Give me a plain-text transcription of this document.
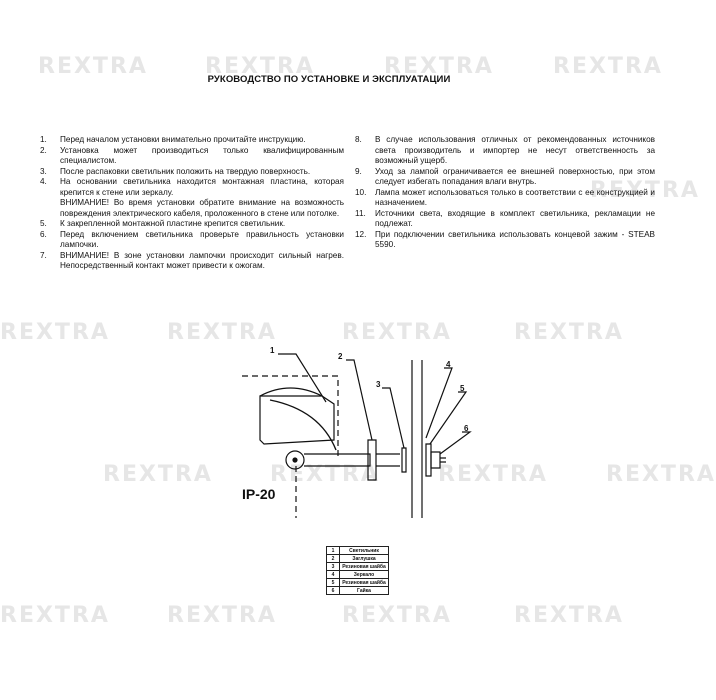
REXTRA	REXTRA	REXTRA	REXTRA
REXTRA
REXTRA	REXTRA	REXTRA	REXTRA
REXTRA	REXTRA	REXTRA	REXTRA
REXTRA	REXTRA	REXTRA	REXTRA
РУКОВОДСТВО ПО УСТАНОВКЕ И ЭКСПЛУАТАЦИИ
1.	Перед началом установки внимательно прочитайте инструкцию.
2.	Установка может производиться только квалифицированным специалистом.
3.	После распаковки светильник положить на твердую поверхность.
4.	На основании светильника находится монтажная пластина, которая крепится к стене или зеркалу.
ВНИМАНИЕ! Во время установки обратите внимание на возможность повреждения электрического кабеля, проложенного в стене или потолке.
5.	К закрепленной монтажной пластине крепится светильник.
6.	Перед включением светильника проверьте правильность установки лампочки.
7.	ВНИМАНИЕ! В зоне установки лампочки происходит сильный нагрев. Непосредственный контакт может привести к ожогам.
8.	В случае использования отличных от рекомендованных источников света производитель и импортер не несут ответственность за возможный ущерб.
9.	Уход за лампой ограничивается ее внешней поверхностью, при этом следует избегать попадания влаги внутрь.
10.	Лампа может использоваться только в соответствии с ее конструкцией и назначением.
11.	Источники света, входящие в комплект светильника, рекламации не подлежат.
12.	При подключении светильника использовать концевой зажим - STEAB 5590.
1
2
3
4
5
6
IP-20
1	Светильник
2	Заглушка
3	Резиновая шайба
4	Зеркало
5	Резиновая шайба
6	Гайка
